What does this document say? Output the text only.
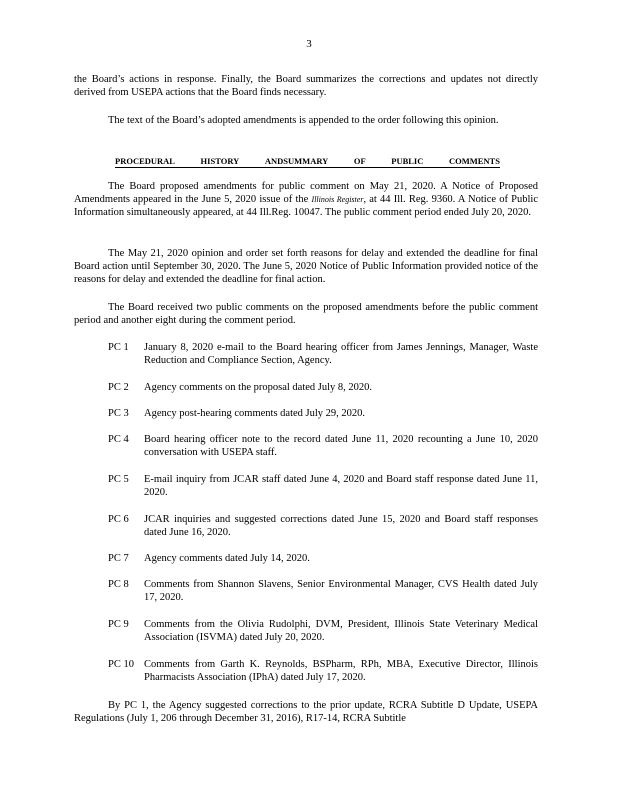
3
the Board’s actions in response. Finally, the Board summarizes the corrections and updates not directly derived from USEPA actions that the Board finds necessary.
The text of the Board’s adopted amendments is appended to the order following this opinion.
PROCEDURAL	HISTORY	ANDSUMMARY	OF	PUBLIC	COMMENTS
The Board proposed amendments for public comment on May 21, 2020. A Notice of Proposed Amendments appeared in the June 5, 2020 issue of the Illinois Register, at 44 Ill. Reg. 9360. A Notice of Public Information simultaneously appeared, at 44 Ill.Reg. 10047. The public comment period ended July 20, 2020.
The May 21, 2020 opinion and order set forth reasons for delay and extended the deadline for final Board action until September 30, 2020. The June 5, 2020 Notice of Public Information provided notice of the reasons for delay and extended the deadline for final action.
The Board received two public comments on the proposed amendments before the public comment period and another eight during the comment period.
PC 1	January 8, 2020 e-mail to the Board hearing officer from James Jennings, Manager, Waste Reduction and Compliance Section, Agency.
PC 2	Agency comments on the proposal dated July 8, 2020.
PC 3	Agency post-hearing comments dated July 29, 2020.
PC 4	Board hearing officer note to the record dated June 11, 2020 recounting a June 10, 2020 conversation with USEPA staff.
PC 5	E-mail inquiry from JCAR staff dated June 4, 2020 and Board staff response dated June 11, 2020.
PC 6	JCAR inquiries and suggested corrections dated June 15, 2020 and Board staff responses dated June 16, 2020.
PC 7	Agency comments dated July 14, 2020.
PC 8	Comments from Shannon Slavens, Senior Environmental Manager, CVS Health dated July 17, 2020.
PC 9	Comments from the Olivia Rudolphi, DVM, President, Illinois State Veterinary Medical Association (ISVMA) dated July 20, 2020.
PC 10 Comments from Garth K. Reynolds, BSPharm, RPh, MBA, Executive Director, Illinois Pharmacists Association (IPhA) dated July 17, 2020.
By PC 1, the Agency suggested corrections to the prior update, RCRA Subtitle D Update, USEPA Regulations (July 1, 206 through December 31, 2016), R17-14, RCRA Subtitle
